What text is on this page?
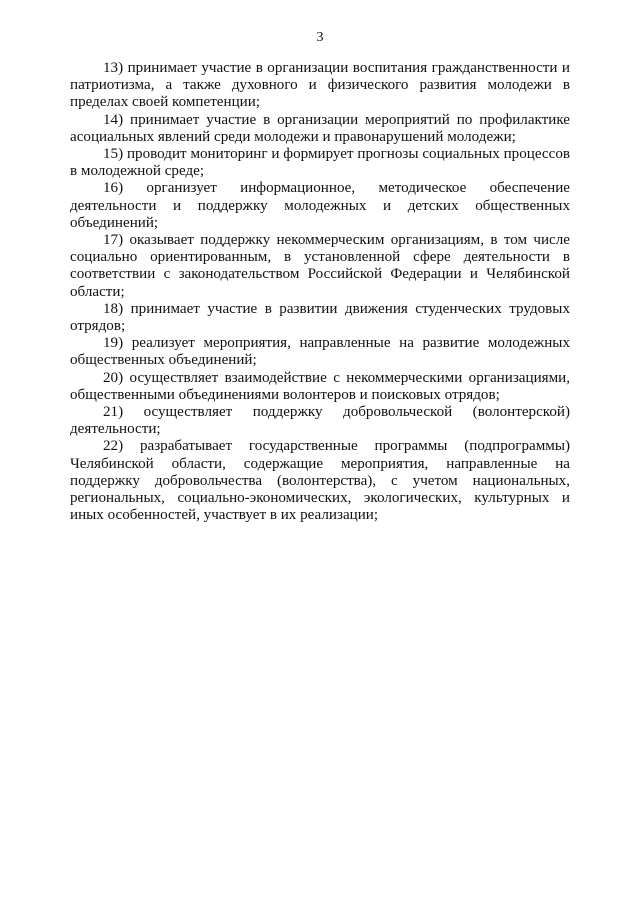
3

13) принимает участие в организации воспитания гражданственности и патриотизма, а также духовного и физического развития молодежи в пределах своей компетенции;

14) принимает участие в организации мероприятий по профилактике асоциальных явлений среди молодежи и правонарушений молодежи;

15) проводит мониторинг и формирует прогнозы социальных процессов в молодежной среде;

16) организует информационное, методическое обеспечение деятельности и поддержку молодежных и детских общественных объединений;

17) оказывает поддержку некоммерческим организациям, в том числе социально ориентированным, в установленной сфере деятельности в соответствии с законодательством Российской Федерации и Челябинской области;

18) принимает участие в развитии движения студенческих трудовых отрядов;

19) реализует мероприятия, направленные на развитие молодежных общественных объединений;

20) осуществляет взаимодействие с некоммерческими организациями, общественными объединениями волонтеров и поисковых отрядов;

21) осуществляет поддержку добровольческой (волонтерской) деятельности;

22) разрабатывает государственные программы (подпрограммы) Челябинской области, содержащие мероприятия, направленные на поддержку добровольчества (волонтерства), с учетом национальных, региональных, социально-экономических, экологических, культурных и иных особенностей, участвует в их реализации;
